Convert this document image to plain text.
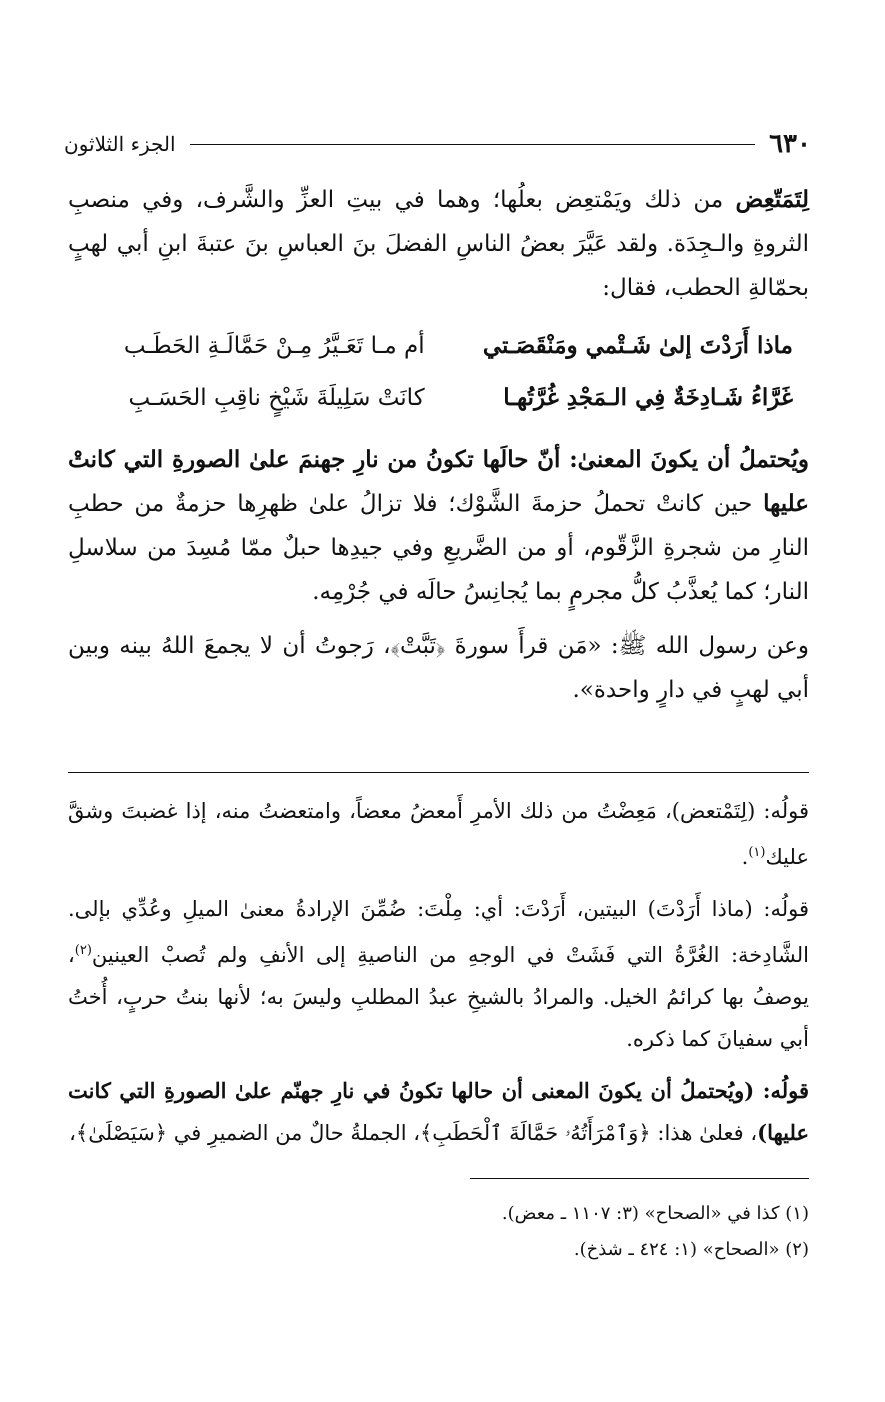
٦٣٠
الجزء الثلاثون

لِتَمَتّعِض من ذلك ويَمْتعِض بعلُها؛ وهما في بيتِ العزِّ والشَّرف، وفي منصبِ الثروةِ والـجِدَة. ولقد عَيَّرَ بعضُ الناسِ الفضلَ بنَ العباسِ بنَ عتبةَ ابنِ أبي لهبٍ بحمّالةِ الحطب، فقال:

ماذا أَرَدْتَ إلىٰ شَـتْمي ومَنْقَصَـتي
أم مـا تَعَـيَّرُ مِـنْ حَمَّالَـةِ الحَطَـب
غَرَّاءُ شَـادِخَةٌ فِي الـمَجْدِ غُرَّتُهـا
كانَتْ سَلِيلَةَ شَيْخٍ ناقِبِ الحَسَـبِ

ويُحتملُ أن يكونَ المعنىٰ: أنّ حالَها تكونُ من نارِ جهنمَ علىٰ الصورةِ التي كانتْ عليها حين كانتْ تحملُ حزمةَ الشَّوْك؛ فلا تزالُ علىٰ ظهرِها حزمةٌ من حطبِ النارِ من شجرةِ الزَّقّوم، أو من الضَّريعِ وفي جيدِها حبلٌ ممّا مُسِدَ من سلاسلِ النار؛ كما يُعذَّبُ كلُّ مجرمٍ بما يُجانِسُ حالَه في جُرْمِه.

وعن رسول الله ﷺ: «مَن قرأَ سورةَ ﴿تَبَّتْ﴾، رَجوتُ أن لا يجمعَ اللهُ بينه وبين أبي لهبٍ في دارٍ واحدة».

قولُه: (لِتَمْتعض)، مَعِضْتُ من ذلك الأمرِ أَمعضُ معضاً، وامتعضتُ منه، إذا غضبتَ وشقَّ عليك$^{(١)}$.

قولُه: (ماذا أَرَدْتَ) البيتين، أَرَدْتَ: أي: مِلْتَ: ضُمِّنَ الإرادةُ معنىٰ الميلِ وعُدِّي بإلى. الشَّادِخة: الغُرَّةُ التي فَشَتْ في الوجهِ من الناصيةِ إلى الأنفِ ولم تُصبْ العينين$^{(٢)}$، يوصفُ بها كرائمُ الخيل. والمرادُ بالشيخِ عبدُ المطلبِ وليسَ به؛ لأنها بنتُ حربٍ، أُختُ أبي سفيانَ كما ذكره.

قولُه: (ويُحتملُ أن يكونَ المعنى أن حالها تكونُ في نارِ جهنّم علىٰ الصورةِ التي كانت عليها)، فعلىٰ هذا: ﴿وَٱمْرَأَتُهُۥ حَمَّالَةَ ٱلْحَطَبِ﴾، الجملةُ حالٌ من الضميرِ في ﴿سَيَصْلَىٰ﴾،

(١) كذا في «الصحاح» (٣: ١١٠٧ ـ معض).
(٢) «الصحاح» (١: ٤٢٤ ـ شذخ).
